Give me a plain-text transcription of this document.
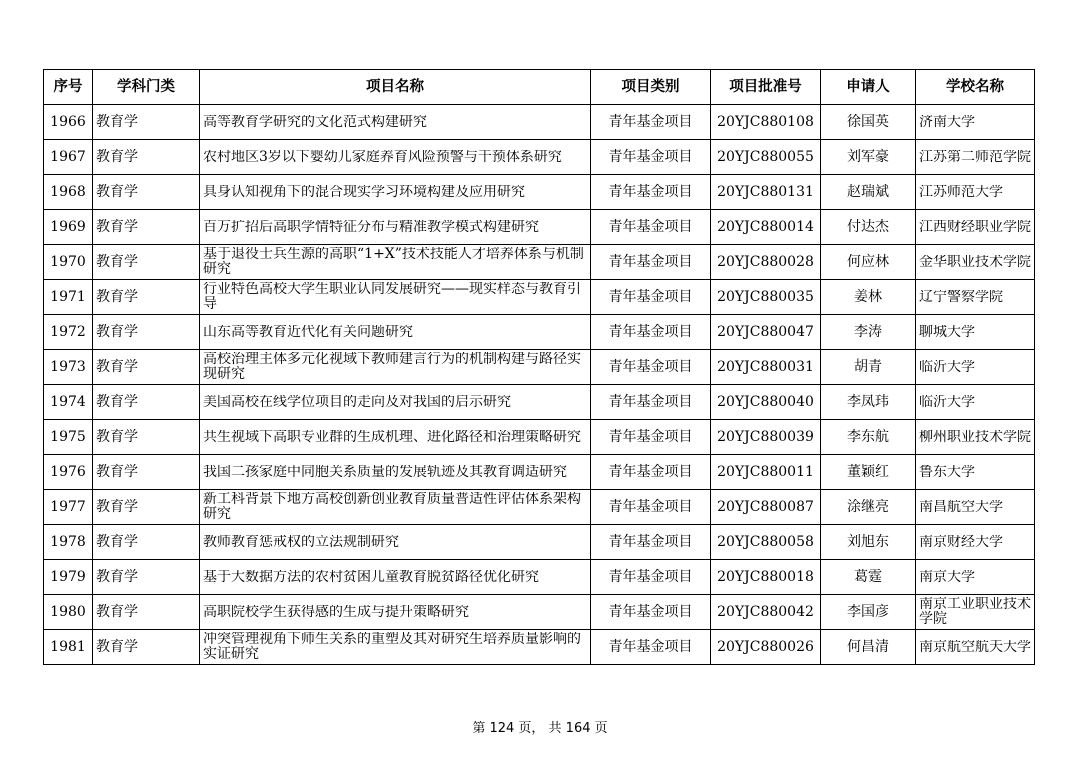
序号	学科门类	项目名称	项目类别	项目批准号	申请人	学校名称
1966	教育学	高等教育学研究的文化范式构建研究	青年基金项目	20YJC880108	徐国英	济南大学

1967	教育学	农村地区3岁以下婴幼儿家庭养育风险预警与干预体系研究	青年基金项目	20YJC880055	刘军豪	江苏第二师范学院

1968	教育学	具身认知视角下的混合现实学习环境构建及应用研究	青年基金项目	20YJC880131	赵瑞斌	江苏师范大学

1969	教育学	百万扩招后高职学情特征分布与精准教学模式构建研究	青年基金项目	20YJC880014	付达杰	江西财经职业学院

1970	教育学	基于退役士兵生源的高职“1+X”技术技能人才培养体系与机制研究	青年基金项目	20YJC880028	何应林	金华职业技术学院

1971	教育学	行业特色高校大学生职业认同发展研究——现实样态与教育引导	青年基金项目	20YJC880035	姜林	辽宁警察学院

1972	教育学	山东高等教育近代化有关问题研究	青年基金项目	20YJC880047	李涛	聊城大学

1973	教育学	高校治理主体多元化视域下教师建言行为的机制构建与路径实现研究	青年基金项目	20YJC880031	胡青	临沂大学

1974	教育学	美国高校在线学位项目的走向及对我国的启示研究	青年基金项目	20YJC880040	李凤玮	临沂大学

1975	教育学	共生视域下高职专业群的生成机理、进化路径和治理策略研究	青年基金项目	20YJC880039	李东航	柳州职业技术学院

1976	教育学	我国二孩家庭中同胞关系质量的发展轨迹及其教育调适研究	青年基金项目	20YJC880011	董颖红	鲁东大学

1977	教育学	新工科背景下地方高校创新创业教育质量普适性评估体系架构研究	青年基金项目	20YJC880087	涂继亮	南昌航空大学

1978	教育学	教师教育惩戒权的立法规制研究	青年基金项目	20YJC880058	刘旭东	南京财经大学

1979	教育学	基于大数据方法的农村贫困儿童教育脱贫路径优化研究	青年基金项目	20YJC880018	葛霆	南京大学

1980	教育学	高职院校学生获得感的生成与提升策略研究	青年基金项目	20YJC880042	李国彦	南京工业职业技术学院

1981	教育学	冲突管理视角下师生关系的重塑及其对研究生培养质量影响的实证研究	青年基金项目	20YJC880026	何昌清	南京航空航天大学
第 124 页， 共 164 页
